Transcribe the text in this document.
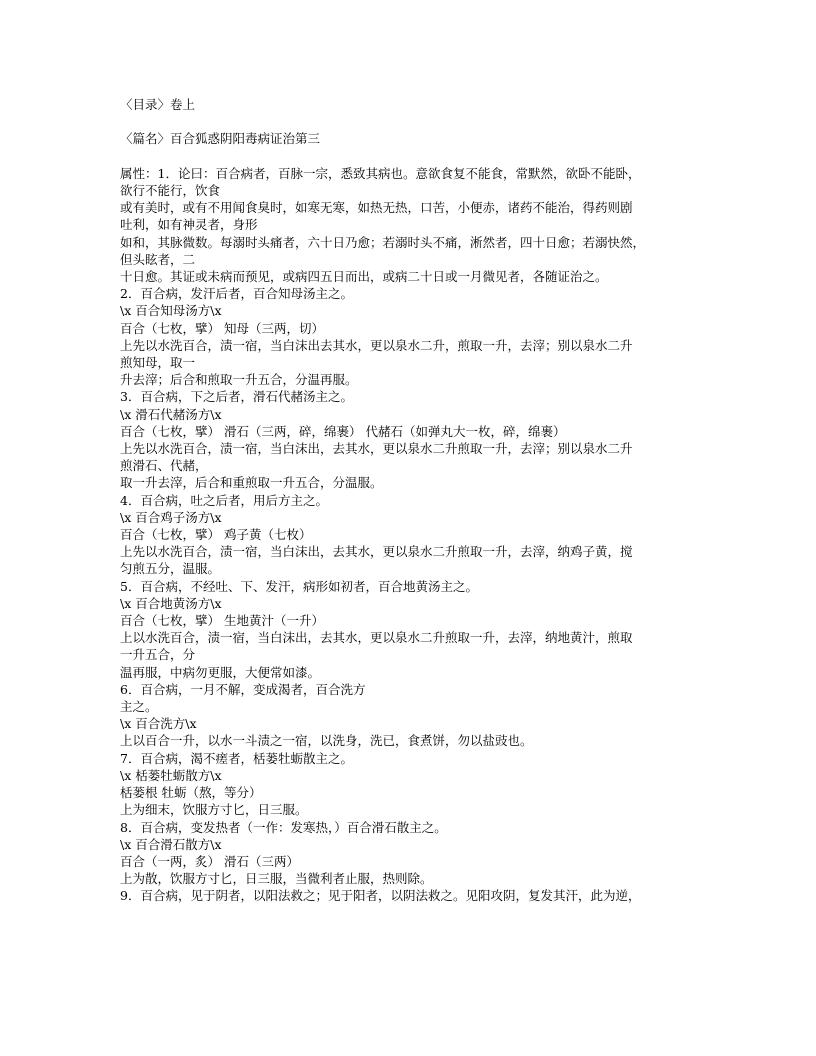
〈目录〉卷上
〈篇名〉百合狐惑阴阳毒病证治第三
属性：1．论曰：百合病者，百脉一宗，悉致其病也。意欲食复不能食，常默然，欲卧不能卧，
欲行不能行，饮食
或有美时，或有不用闻食臭时，如寒无寒，如热无热，口苦，小便赤，诸药不能治，得药则剧
吐利，如有神灵者，身形
如和，其脉微数。每溺时头痛者，六十日乃愈；若溺时头不痛，淅然者，四十日愈；若溺快然，
但头眩者，二
十日愈。其证或未病而预见，或病四五日而出，或病二十日或一月微见者，各随证治之。
2．百合病，发汗后者，百合知母汤主之。
\x 百合知母汤方\x
百合（七枚，擘） 知母（三两，切）
上先以水洗百合，渍一宿，当白沫出去其水，更以泉水二升，煎取一升，去滓；别以泉水二升
煎知母，取一
升去滓；后合和煎取一升五合，分温再服。
3．百合病，下之后者，滑石代赭汤主之。
\x 滑石代赭汤方\x
百合（七枚，擘） 滑石（三两，碎，绵裹） 代赭石（如弹丸大一枚，碎，绵裹）
上先以水洗百合，渍一宿，当白沫出，去其水，更以泉水二升煎取一升，去滓；别以泉水二升
煎滑石、代赭，
取一升去滓，后合和重煎取一升五合，分温服。
4．百合病，吐之后者，用后方主之。
\x 百合鸡子汤方\x
百合（七枚，擘） 鸡子黄（七枚）
上先以水洗百合，渍一宿，当白沫出，去其水，更以泉水二升煎取一升，去滓，纳鸡子黄，搅
匀煎五分，温服。
5．百合病，不经吐、下、发汗，病形如初者，百合地黄汤主之。
\x 百合地黄汤方\x
百合（七枚，擘） 生地黄汁（一升）
上以水洗百合，渍一宿，当白沫出，去其水，更以泉水二升煎取一升，去滓，纳地黄汁，煎取
一升五合，分
温再服，中病勿更服，大便常如漆。
6．百合病，一月不解，变成渴者，百合洗方
主之。
\x 百合洗方\x
上以百合一升，以水一斗渍之一宿，以洗身，洗已，食煮饼，勿以盐豉也。
7．百合病，渴不瘥者，栝蒌牡蛎散主之。
\x 栝蒌牡蛎散方\x
栝蒌根 牡蛎（熬，等分）
上为细末，饮服方寸匕，日三服。
8．百合病，变发热者（一作：发寒热，）百合滑石散主之。
\x 百合滑石散方\x
百合（一两，炙） 滑石（三两）
上为散，饮服方寸匕，日三服，当微利者止服，热则除。
9．百合病，见于阴者，以阳法救之；见于阳者，以阴法救之。见阳攻阴，复发其汗，此为逆，
